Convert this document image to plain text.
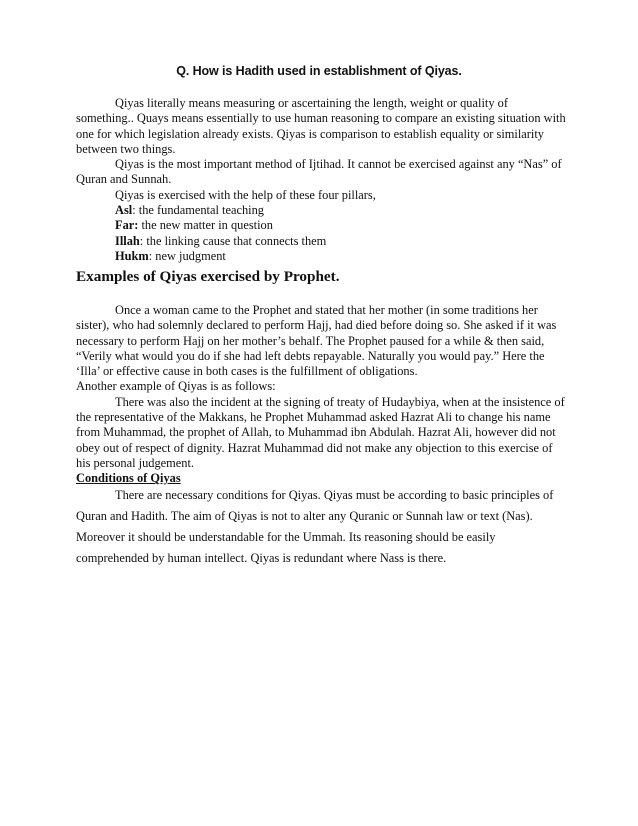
Q. How is Hadith used in establishment of Qiyas.

Qiyas literally means measuring or ascertaining the length, weight or quality of something.. Quays means essentially to use human reasoning to compare an existing situation with one for which legislation already exists. Qiyas is comparison to establish equality or similarity between two things.

Qiyas is the most important method of Ijtihad. It cannot be exercised against any “Nas” of Quran and Sunnah.

Qiyas is exercised with the help of these four pillars,

Asl: the fundamental teaching
Far: the new matter in question
Illah: the linking cause that connects them
Hukm: new judgment
Examples of Qiyas exercised by Prophet.

Once a woman came to the Prophet and stated that her mother (in some traditions her sister), who had solemnly declared to perform Hajj, had died before doing so. She asked if it was necessary to perform Hajj on her mother’s behalf. The Prophet paused for a while & then said, “Verily what would you do if she had left debts repayable. Naturally you would pay.” Here the ‘Illa’ or effective cause in both cases is the fulfillment of obligations.

Another example of Qiyas is as follows:

There was also the incident at the signing of treaty of Hudaybiya, when at the insistence of the representative of the Makkans, he Prophet Muhammad asked Hazrat Ali to change his name from Muhammad, the prophet of Allah, to Muhammad ibn Abdulah. Hazrat Ali, however did not obey out of respect of dignity. Hazrat Muhammad did not make any objection to this exercise of his personal judgement.

Conditions of Qiyas

There are necessary conditions for Qiyas. Qiyas must be according to basic principles of Quran and Hadith. The aim of Qiyas is not to alter any Quranic or Sunnah law or text (Nas). Moreover it should be understandable for the Ummah. Its reasoning should be easily comprehended by human intellect. Qiyas is redundant where Nass is there.
